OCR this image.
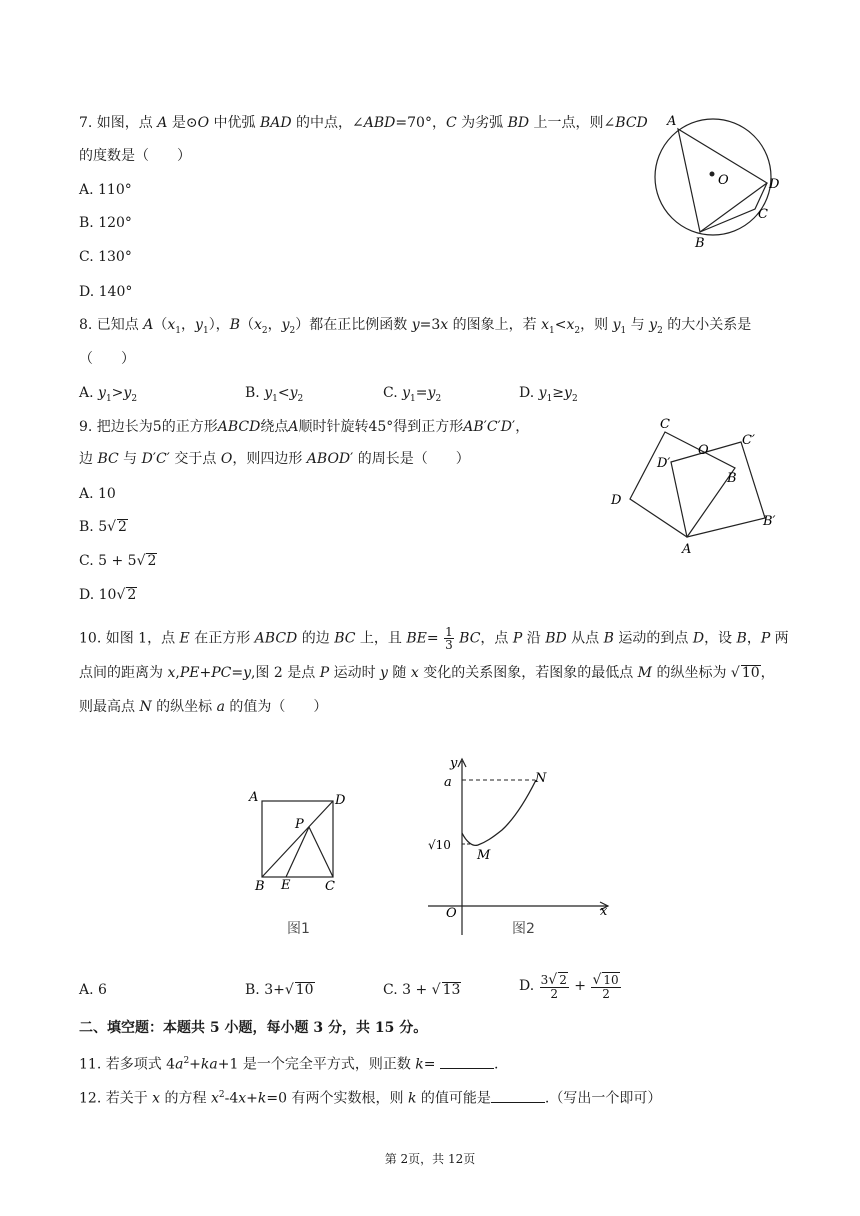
7. 如图，点 A 是⊙O 中优弧 BAD 的中点，∠ABD=70°，C 为劣弧 BD 上一点，则∠BCD
的度数是（　　）
A. 110°
B. 120°
C. 130°
D. 140°
A
O	D
C
B
8. 已知点 $A(x_1$，$y_1$），$B(x_2$，$y_2$）都在正比例函数 y=3x 的图象上，若 $x_1<x_2$，则 $y_1$ 与 $y_2$ 的大小关系是
（　　）
A. $y_1>y_2$	B. $y_1<y_2$	C. $y_1=y_2$	D. $y_1\ge y_2$
9. 把边长为5的正方形ABCD绕点A顺时针旋转45°得到正方形AB′C′D′，
边 BC 与 D′C′ 交于点 O，则四边形 ABOD′ 的周长是（　　）
A. 10
B. 5√ 2
C. 5 + 5√ 2
D. 10√ 2
C
O
C′
D′
B
D
B′
A
10. 如图 1，点 E 在正方形 ABCD 的边 BC 上，且 $BE= \frac{1}{3}$ BC，点 P 沿 BD 从点 B 运动的到点 D，设 B，P 两
点间的距离为 x,PE+PC=y,图 2 是点 P 运动时 y 随 x 变化的关系图象，若图象的最低点 M 的纵坐标为 √ 10，
则最高点 N 的纵坐标 a 的值为（　　）
A	D
P
B E	C
图1
y
a	N
√10
M
O	x
图2
A. 6	B. 3+√ 10	C. 3 + √ 13	D. $\frac{3√ 2}{2} + \frac{√ 10}{2}$
二、填空题：本题共 5 小题，每小题 3 分，共 15 分。
11. 若多项式 $4a^2+ka+1$ 是一个完全平方式，则正数 k=	.
12. 若关于 x 的方程 $x^2-4x+k=0$ 有两个实数根，则 k 的值可能是	.（写出一个即可）
第 2页，共 12页
